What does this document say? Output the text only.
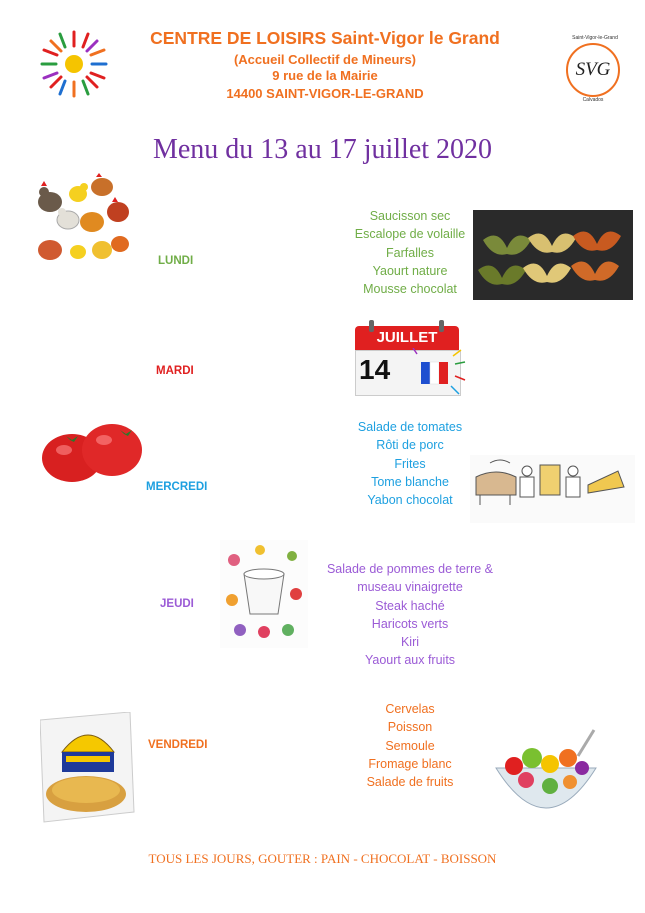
CENTRE DE LOISIRS Saint-Vigor le Grand
(Accueil Collectif de Mineurs)
9 rue de la Mairie
14400 SAINT-VIGOR-LE-GRAND
Saint-Vigor-le-Grand
SVG
Calvados
Menu du 13 au 17 juillet 2020
LUNDI
Saucisson sec
Escalope de volaille
Farfalles
Yaourt nature
Mousse chocolat
MARDI
JUILLET
14
MERCREDI
Salade de tomates
Rôti de porc
Frites
Tome blanche
Yabon chocolat
JEUDI
Salade de pommes de terre &
museau vinaigrette
Steak haché
Haricots verts
Kiri
Yaourt aux fruits
VENDREDI
Cervelas
Poisson
Semoule
Fromage blanc
Salade de fruits
TOUS LES JOURS, GOUTER : PAIN - CHOCOLAT - BOISSON
